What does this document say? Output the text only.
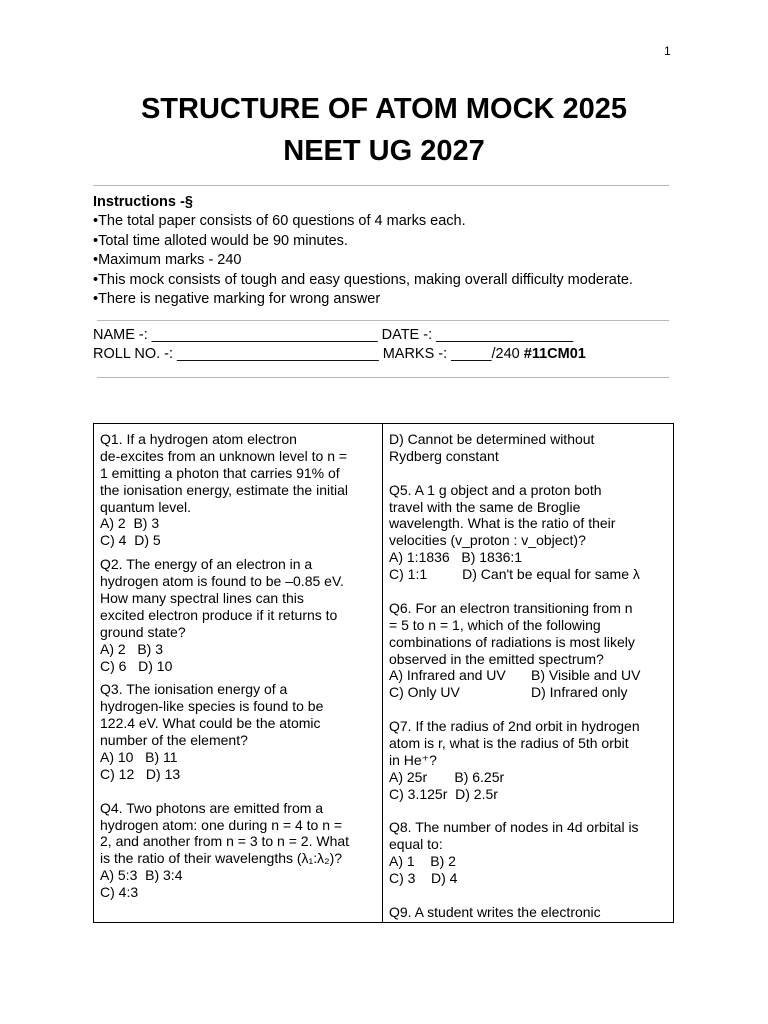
1
STRUCTURE OF ATOM MOCK 2025
NEET UG 2027
Instructions -§
•The total paper consists of 60 questions of 4 marks each.
•Total time alloted would be 90 minutes.
•Maximum marks - 240
•This mock consists of tough and easy questions, making overall difficulty moderate.
•There is negative marking for wrong answer
NAME -: ____________________________ DATE -: _________________
ROLL NO. -: _________________________ MARKS -: _____/240 #11CM01
Q1. If a hydrogen atom electron
de-excites from an unknown level to n =
1 emitting a photon that carries 91% of
the ionisation energy, estimate the initial
quantum level.
A) 2  B) 3
C) 4  D) 5
Q2. The energy of an electron in a
hydrogen atom is found to be –0.85 eV.
How many spectral lines can this
excited electron produce if it returns to
ground state?
A) 2   B) 3
C) 6   D) 10
Q3. The ionisation energy of a
hydrogen-like species is found to be
122.4 eV. What could be the atomic
number of the element?
A) 10   B) 11
C) 12   D) 13
Q4. Two photons are emitted from a
hydrogen atom: one during n = 4 to n =
2, and another from n = 3 to n = 2. What
is the ratio of their wavelengths (λ₁:λ₂)?
A) 5:3  B) 3:4
C) 4:3
D) Cannot be determined without
Rydberg constant
Q5. A 1 g object and a proton both
travel with the same de Broglie
wavelength. What is the ratio of their
velocities (v_proton : v_object)?
A) 1:1836   B) 1836:1
C) 1:1         D) Can't be equal for same λ
Q6. For an electron transitioning from n
= 5 to n = 1, which of the following
combinations of radiations is most likely
observed in the emitted spectrum?
A) Infrared and UV	B) Visible and UV
C) Only UV	D) Infrared only
Q7. If the radius of 2nd orbit in hydrogen
atom is r, what is the radius of 5th orbit
in He⁺?
A) 25r       B) 6.25r
C) 3.125r  D) 2.5r
Q8. The number of nodes in 4d orbital is
equal to:
A) 1    B) 2
C) 3    D) 4
Q9. A student writes the electronic
